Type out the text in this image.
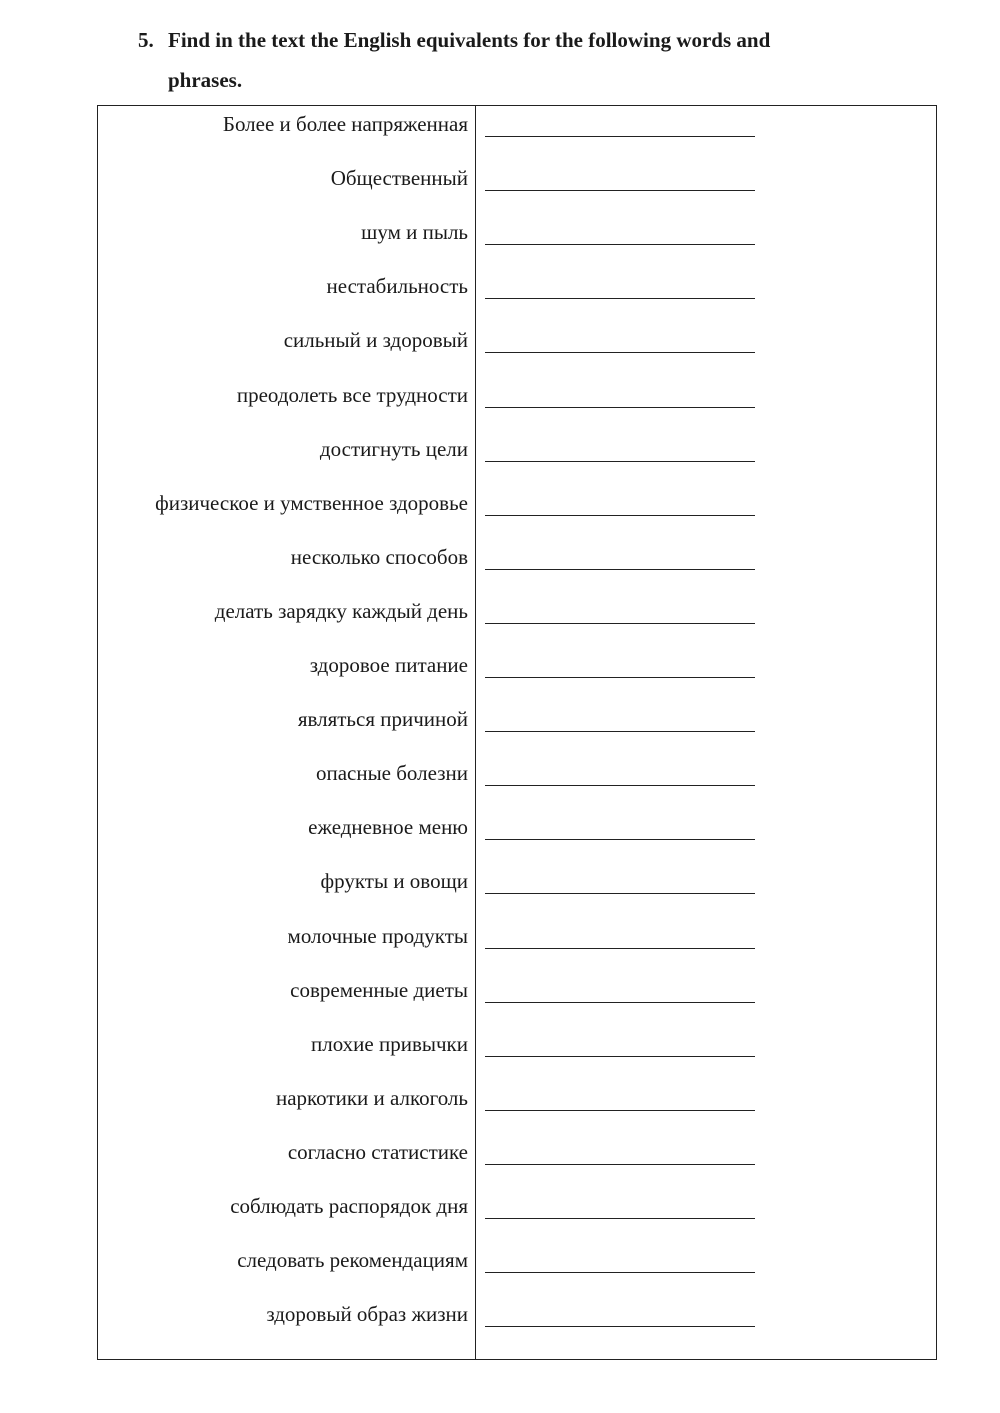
5. Find in the text the English equivalents for the following words and
phrases.
Более и более напряженная
Общественный
шум и пыль
нестабильность
сильный и здоровый
преодолеть все трудности
достигнуть цели
физическое и умственное здоровье
несколько способов
делать зарядку каждый день
здоровое питание
являться причиной
опасные болезни
ежедневное меню
фрукты и овощи
молочные продукты
современные диеты
плохие привычки
наркотики и алкоголь
согласно статистике
соблюдать распорядок дня
следовать рекомендациям
здоровый образ жизни
